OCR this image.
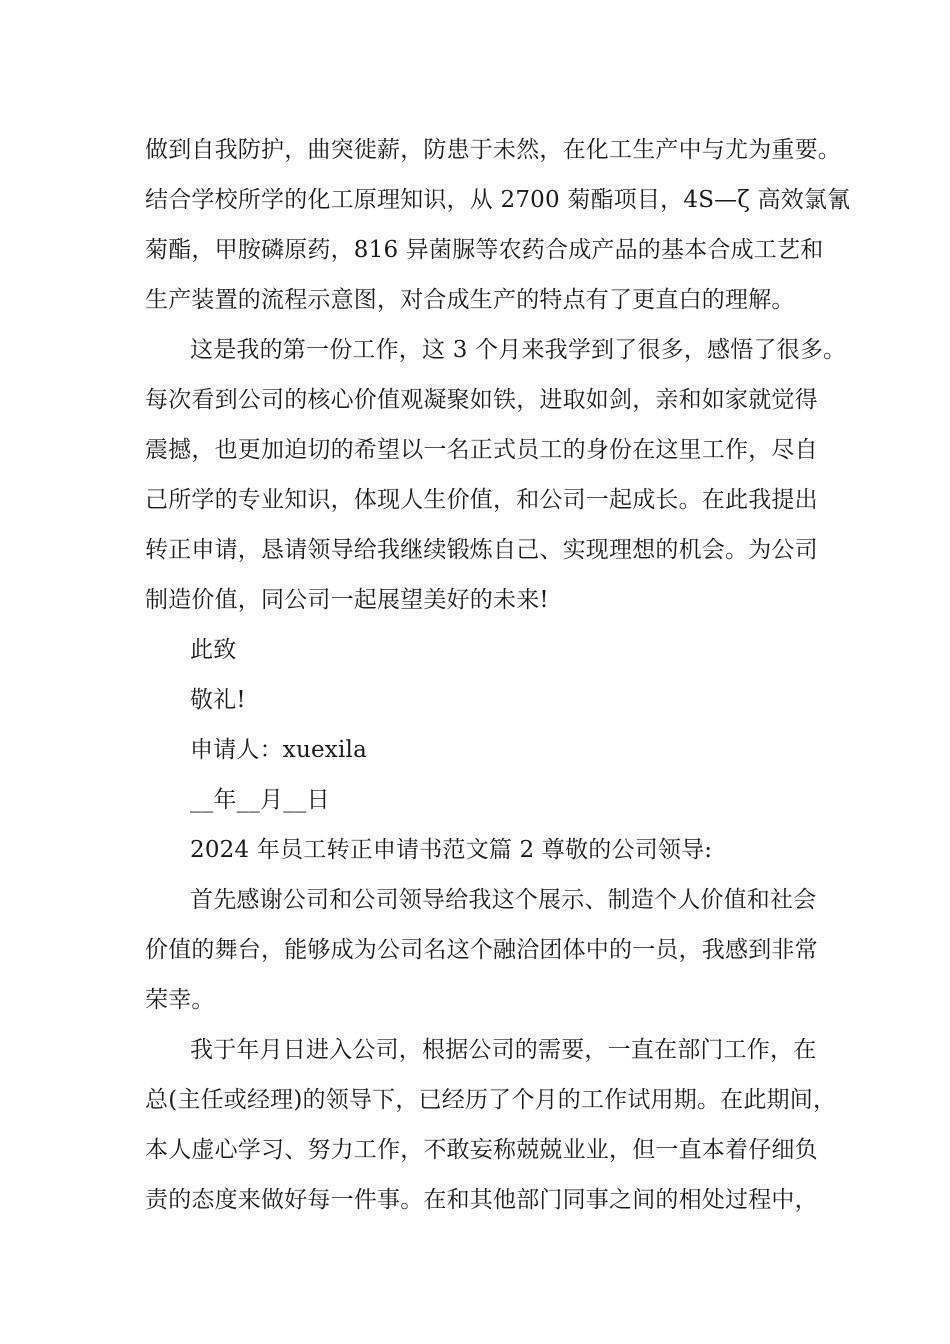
做到自我防护，曲突徙薪，防患于未然，在化工生产中与尤为重要。
结合学校所学的化工原理知识，从 2700 菊酯项目，4S—ζ 高效氯氰
菊酯，甲胺磷原药，816 异菌脲等农药合成产品的基本合成工艺和
生产装置的流程示意图，对合成生产的特点有了更直白的理解。
这是我的第一份工作，这 3 个月来我学到了很多，感悟了很多。
每次看到公司的核心价值观凝聚如铁，进取如剑，亲和如家就觉得
震撼，也更加迫切的希望以一名正式员工的身份在这里工作，尽自
己所学的专业知识，体现人生价值，和公司一起成长。在此我提出
转正申请，恳请领导给我继续锻炼自己、实现理想的机会。为公司
制造价值，同公司一起展望美好的未来!
此致
敬礼!
申请人：xuexila
__年__月__日
2024 年员工转正申请书范文篇 2 尊敬的公司领导:
首先感谢公司和公司领导给我这个展示、制造个人价值和社会
价值的舞台，能够成为公司名这个融洽团体中的一员，我感到非常
荣幸。
我于年月日进入公司，根据公司的需要，一直在部门工作，在
总(主任或经理)的领导下，已经历了个月的工作试用期。在此期间，
本人虚心学习、努力工作，不敢妄称兢兢业业，但一直本着仔细负
责的态度来做好每一件事。在和其他部门同事之间的相处过程中，
